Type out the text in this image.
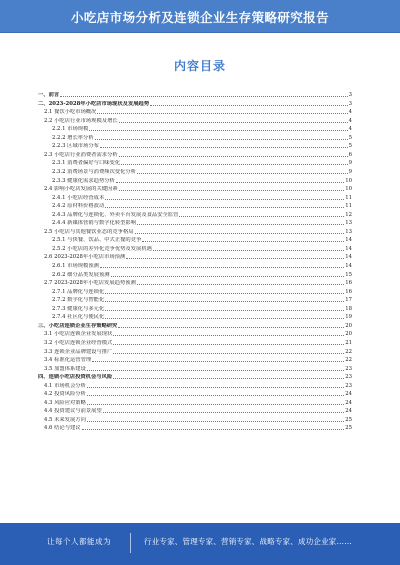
小吃店市场分析及连锁企业生存策略研究报告
内容目录
一、前言	3
二、2023-2028年小吃店市场现状及发展趋势	3
2.1 餐饮小吃市场概况	4
2.2 小吃店行业市场规模及增长	4
2.2.1 市场规模	4
2.2.2 增长率分析	5
2.2.3 区域市场分布	5
2.3 小吃店行业消费者需求分析	6
2.3.1 消费者偏好与口味变化	9
2.3.2 消费场景与消费频次变化分析	9
2.3.3 健康化需求趋势分析	10
2.4 影响小吃店发展的关键因素	10
2.4.1 小吃店经营成本	11
2.4.2 原材料价格波动	11
2.4.3 品牌化与连锁化、外卖平台发展及食品安全监管	12
2.4.4 新媒体营销与数字化转型影响	13
2.5 小吃店与其他餐饮业态的竞争格局	13
2.5.1 与快餐、饮品、中式正餐的竞争	14
2.5.2 小吃店的差异化竞争优势及发展机遇	14
2.6 2023-2028年小吃店市场预测	14
2.6.1 市场规模预测	14
2.6.2 细分品类发展预测	15
2.7 2023-2028年小吃店发展趋势预测	16
2.7.1 品牌化与连锁化	16
2.7.2 数字化与智能化	17
2.7.3 健康化与多元化	18
2.7.4 社区化与便民化	19
三、小吃店连锁企业生存策略研究	20
3.1 小吃店连锁企业发展现状	20
3.2 小吃店连锁企业经营模式	21
3.3 连锁企业品牌建设与推广	22
3.4 标准化运营管理	22
3.5 加盟体系建设	23
四、连锁小吃店投资机会与风险	23
4.1 市场机会分析	23
4.2 投资风险分析	24
4.3 风险应对策略	24
4.4 投资建议与前景展望	24
4.5 未来发展方向	25
4.6 结论与建议	25
让每个人都能成为	行业专家、管理专家、营销专家、战略专家、成功企业家……
